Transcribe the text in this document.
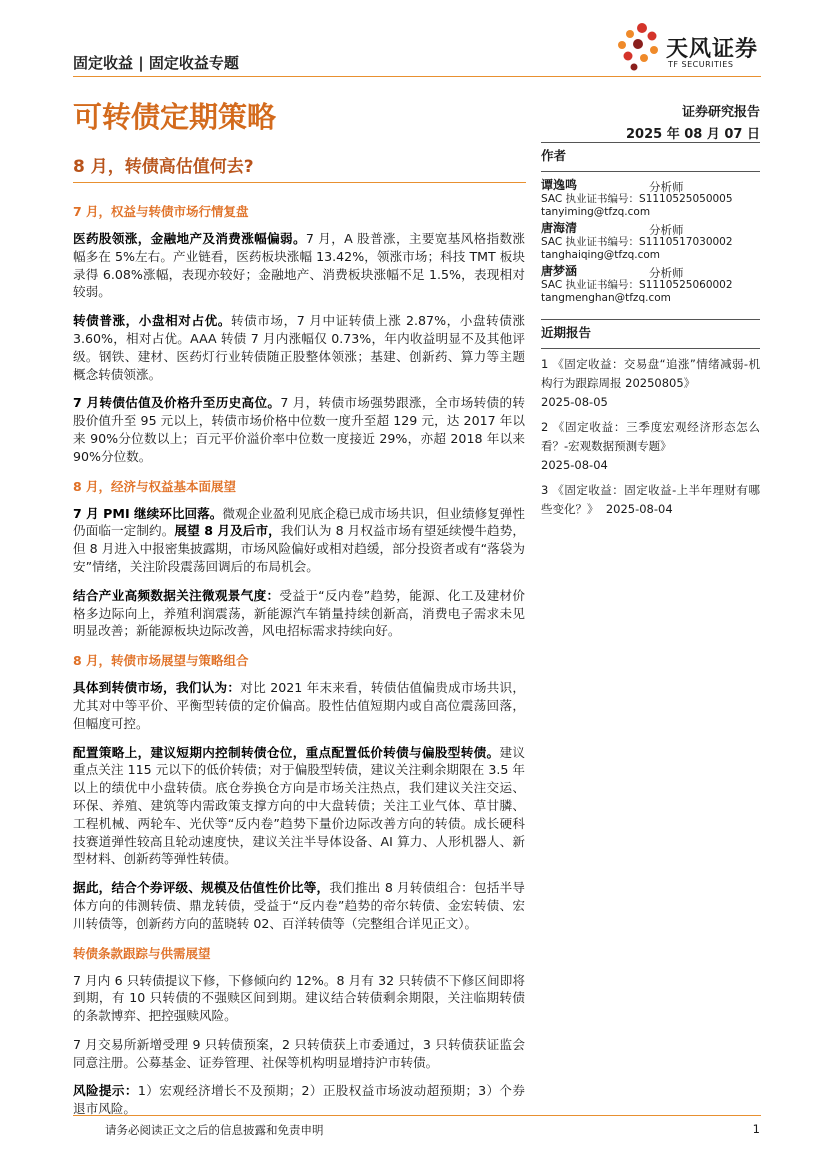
固定收益 | 固定收益专题
天风证券
TF SECURITIES
可转债定期策略	证券研究报告
2025 年 08 月 07 日
8 月，转债高估值何去?
7 月，权益与转债市场行情复盘

医药股领涨，金融地产及消费涨幅偏弱。7 月，A 股普涨，主要宽基风格指数涨幅多在 5%左右。产业链看，医药板块涨幅 13.42%，领涨市场；科技 TMT 板块录得 6.08%涨幅，表现亦较好；金融地产、消费板块涨幅不足 1.5%，表现相对较弱。

转债普涨，小盘相对占优。转债市场，7 月中证转债上涨 2.87%，小盘转债涨 3.60%，相对占优。AAA 转债 7 月内涨幅仅 0.73%，年内收益明显不及其他评级。钢铁、建材、医药灯行业转债随正股整体领涨；基建、创新药、算力等主题概念转债领涨。

7 月转债估值及价格升至历史高位。7 月，转债市场强势跟涨，全市场转债的转股价值升至 95 元以上，转债市场价格中位数一度升至超 129 元，达 2017 年以来 90%分位数以上；百元平价溢价率中位数一度接近 29%，亦超 2018 年以来 90%分位数。

8 月，经济与权益基本面展望

7 月 PMI 继续环比回落。微观企业盈利见底企稳已成市场共识，但业绩修复弹性仍面临一定制约。展望 8 月及后市，我们认为 8 月权益市场有望延续慢牛趋势，但 8 月进入中报密集披露期，市场风险偏好或相对趋缓，部分投资者或有“落袋为安”情绪，关注阶段震荡回调后的布局机会。

结合产业高频数据关注微观景气度：受益于“反内卷”趋势，能源、化工及建材价格多边际向上，养殖利润震荡，新能源汽车销量持续创新高，消费电子需求未见明显改善；新能源板块边际改善，风电招标需求持续向好。

8 月，转债市场展望与策略组合

具体到转债市场，我们认为：对比 2021 年末来看，转债估值偏贵成市场共识，尤其对中等平价、平衡型转债的定价偏高。股性估值短期内或自高位震荡回落，但幅度可控。

配置策略上，建议短期内控制转债仓位，重点配置低价转债与偏股型转债。建议重点关注 115 元以下的低价转债；对于偏股型转债，建议关注剩余期限在 3.5 年以上的绩优中小盘转债。底仓券换仓方向是市场关注热点，我们建议关注交运、环保、养殖、建筑等内需政策支撑方向的中大盘转债；关注工业气体、草甘膦、工程机械、两轮车、光伏等“反内卷”趋势下量价边际改善方向的转债。成长硬科技赛道弹性较高且轮动速度快，建议关注半导体设备、AI 算力、人形机器人、新型材料、创新药等弹性转债。

据此，结合个券评级、规模及估值性价比等，我们推出 8 月转债组合：包括半导体方向的伟测转债、鼎龙转债，受益于“反内卷”趋势的帝尔转债、金宏转债、宏川转债等，创新药方向的蓝晓转 02、百洋转债等（完整组合详见正文）。

转债条款跟踪与供需展望

7 月内 6 只转债提议下修，下修倾向约 12%。8 月有 32 只转债不下修区间即将到期，有 10 只转债的不强赎区间到期。建议结合转债剩余期限，关注临期转债的条款博弈、把控强赎风险。

7 月交易所新增受理 9 只转债预案，2 只转债获上市委通过，3 只转债获证监会同意注册。公募基金、证券管理、社保等机构明显增持沪市转债。

风险提示：1）宏观经济增长不及预期；2）正股权益市场波动超预期；3）个券退市风险。

作者
谭逸鸣	分析师
SAC 执业证书编号：S1110525050005
tanyiming@tfzq.com
唐海清	分析师
SAC 执业证书编号：S1110517030002
tanghaiqing@tfzq.com
唐梦涵	分析师
SAC 执业证书编号：S1110525060002
tangmenghan@tfzq.com
近期报告

1 《固定收益：交易盘“追涨”情绪减弱-机构行为跟踪周报 20250805》
2025-08-05

2 《固定收益：三季度宏观经济形态怎么看？-宏观数据预测专题》
2025-08-04

3 《固定收益：固定收益-上半年理财有哪些变化？》 2025-08-04

请务必阅读正文之后的信息披露和免责申明	1
